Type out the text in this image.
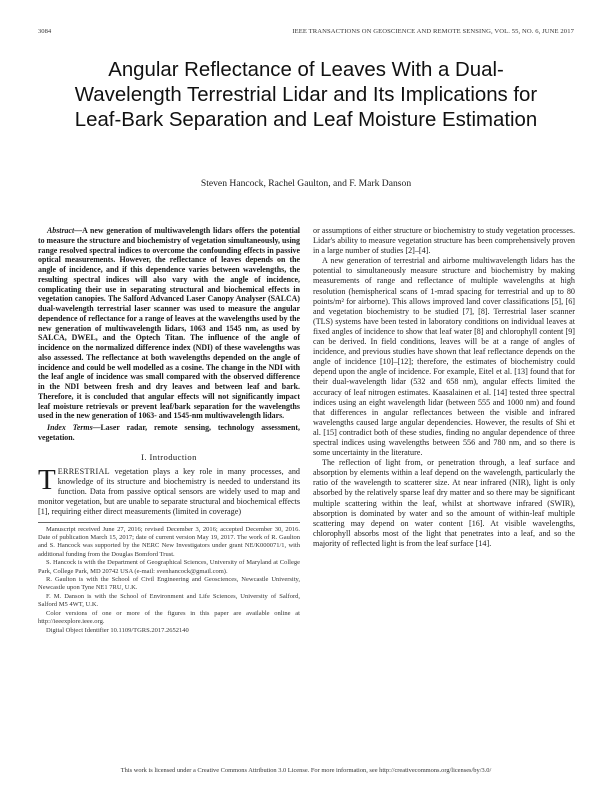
3084	IEEE TRANSACTIONS ON GEOSCIENCE AND REMOTE SENSING, VOL. 55, NO. 6, JUNE 2017
Angular Reflectance of Leaves With a Dual-Wavelength Terrestrial Lidar and Its Implications for Leaf-Bark Separation and Leaf Moisture Estimation
Steven Hancock, Rachel Gaulton, and F. Mark Danson

Abstract—A new generation of multiwavelength lidars offers the potential to measure the structure and biochemistry of vegetation simultaneously, using range resolved spectral indices to overcome the confounding effects in passive optical measurements. However, the reflectance of leaves depends on the angle of incidence, and if this dependence varies between wavelengths, the resulting spectral indices will also vary with the angle of incidence, complicating their use in separating structural and biochemical effects in vegetation canopies. The Salford Advanced Laser Canopy Analyser (SALCA) dual-wavelength terrestrial laser scanner was used to measure the angular dependence of reflectance for a range of leaves at the wavelengths used by the new generation of multiwavelength lidars, 1063 and 1545 nm, as used by SALCA, DWEL, and the Optech Titan. The influence of the angle of incidence on the normalized difference index (NDI) of these wavelengths was also assessed. The reflectance at both wavelengths depended on the angle of incidence and could be well modelled as a cosine. The change in the NDI with the leaf angle of incidence was small compared with the observed difference in the NDI between fresh and dry leaves and between leaf and bark. Therefore, it is concluded that angular effects will not significantly impact leaf moisture retrievals or prevent leaf/bark separation for the wavelengths used in the new generation of 1063- and 1545-nm multiwavelength lidars.

Index Terms—Laser radar, remote sensing, technology assessment, vegetation.

I. Introduction

TERRESTRIAL vegetation plays a key role in many processes, and knowledge of its structure and biochemistry is needed to understand its function. Data from passive optical sensors are widely used to map and monitor vegetation, but are unable to separate structural and biochemical effects [1], requiring either direct measurements (limited in coverage)

Manuscript received June 27, 2016; revised December 3, 2016; accepted December 30, 2016. Date of publication March 15, 2017; date of current version May 19, 2017. The work of R. Gaulton and S. Hancock was supported by the NERC New Investigators under grant NE/K000071/1, with additional funding from the Douglas Bomford Trust.

S. Hancock is with the Department of Geographical Sciences, University of Maryland at College Park, College Park, MD 20742 USA (e-mail: svenhancock@gmail.com).

R. Gaulton is with the School of Civil Engineering and Geosciences, Newcastle University, Newcastle upon Tyne NE1 7RU, U.K.

F. M. Danson is with the School of Environment and Life Sciences, University of Salford, Salford M5 4WT, U.K.

Color versions of one or more of the figures in this paper are available online at http://ieeexplore.ieee.org.

Digital Object Identifier 10.1109/TGRS.2017.2652140

or assumptions of either structure or biochemistry to study vegetation processes. Lidar's ability to measure vegetation structure has been comprehensively proven in a large number of studies [2]–[4].

A new generation of terrestrial and airborne multiwavelength lidars has the potential to simultaneously measure structure and biochemistry by making measurements of range and reflectance of multiple wavelengths at high resolution (hemispherical scans of 1-mrad spacing for terrestrial and up to 80 points/m² for airborne). This allows improved land cover classifications [5], [6] and vegetation biochemistry to be studied [7], [8]. Terrestrial laser scanner (TLS) systems have been tested in laboratory conditions on individual leaves at fixed angles of incidence to show that leaf water [8] and chlorophyll content [9] can be derived. In field conditions, leaves will be at a range of angles of incidence, and previous studies have shown that leaf reflectance depends on the angle of incidence [10]–[12]; therefore, the estimates of biochemistry could depend upon the angle of incidence. For example, Eitel et al. [13] found that for their dual-wavelength lidar (532 and 658 nm), angular effects limited the accuracy of leaf nitrogen estimates. Kaasalainen et al. [14] tested three spectral indices using an eight wavelength lidar (between 555 and 1000 nm) and found that differences in angular reflectances between the visible and infrared wavelengths caused large angular dependencies. However, the results of Shi et al. [15] contradict both of these studies, finding no angular dependence of three spectral indices using wavelengths between 556 and 780 nm, and so there is some uncertainty in the literature.

The reflection of light from, or penetration through, a leaf surface and absorption by elements within a leaf depend on the wavelength, particularly the ratio of the wavelength to scatterer size. At near infrared (NIR), light is only absorbed by the relatively sparse leaf dry matter and so there may be significant multiple scattering within the leaf, whilst at shortwave infrared (SWIR), absorption is dominated by water and so the amount of within-leaf multiple scattering may depend on water content [16]. At visible wavelengths, chlorophyll absorbs most of the light that penetrates into a leaf, and so the majority of reflected light is from the leaf surface [14].

This work is licensed under a Creative Commons Attribution 3.0 License. For more information, see http://creativecommons.org/licenses/by/3.0/
